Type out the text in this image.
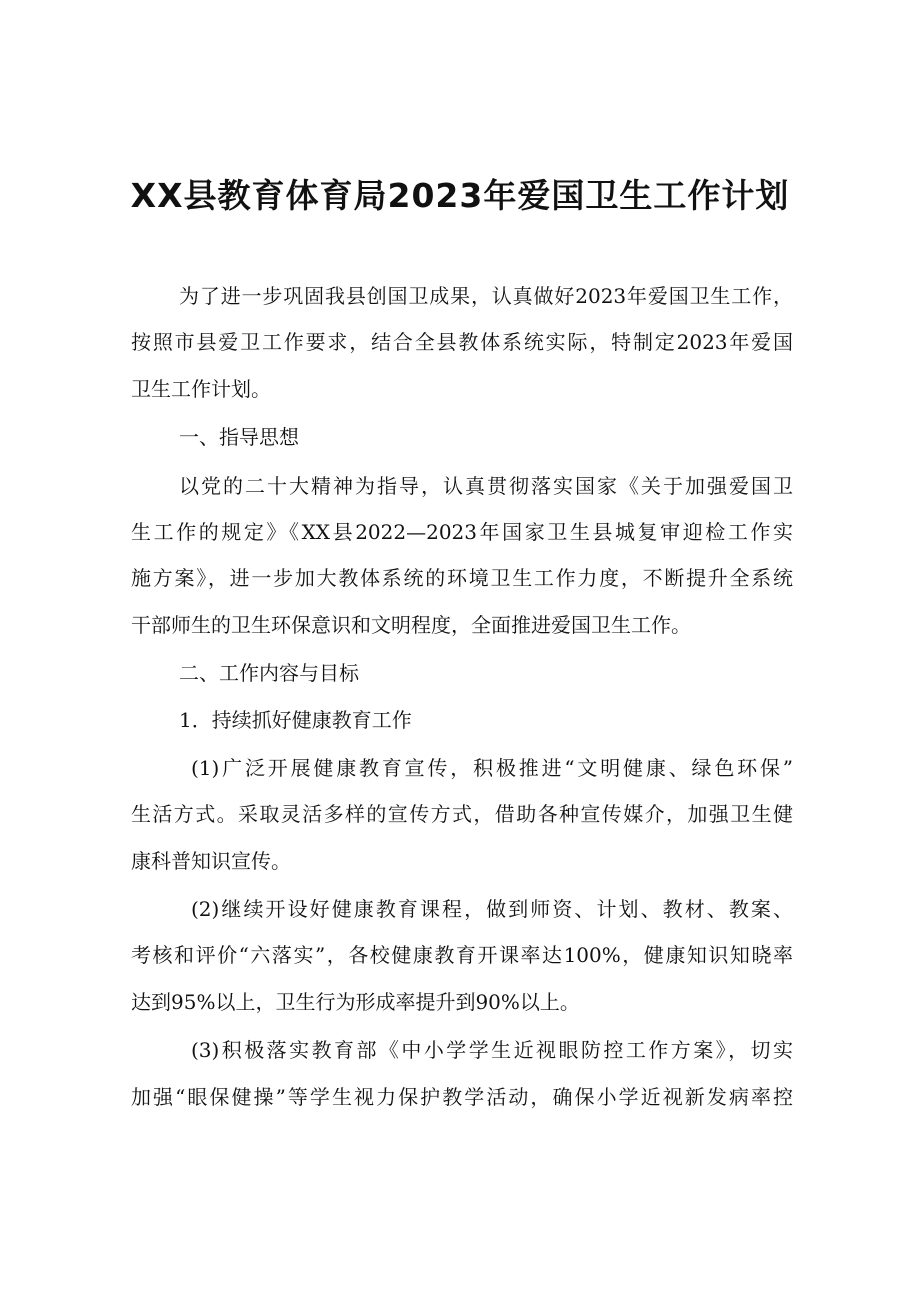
XX县教育体育局2023年爱国卫生工作计划
为了进一步巩固我县创国卫成果，认真做好2023年爱国卫生工作，
按照市县爱卫工作要求，结合全县教体系统实际，特制定2023年爱国
卫生工作计划。
一、指导思想
以党的二十大精神为指导，认真贯彻落实国家《关于加强爱国卫
生工作的规定》《XX县2022—2023年国家卫生县城复审迎检工作实
施方案》，进一步加大教体系统的环境卫生工作力度，不断提升全系统
干部师生的卫生环保意识和文明程度，全面推进爱国卫生工作。
二、工作内容与目标
1．持续抓好健康教育工作
(1)广泛开展健康教育宣传，积极推进“文明健康、绿色环保”
生活方式。采取灵活多样的宣传方式，借助各种宣传媒介，加强卫生健
康科普知识宣传。
(2)继续开设好健康教育课程，做到师资、计划、教材、教案、
考核和评价“六落实”，各校健康教育开课率达100%，健康知识知晓率
达到95%以上，卫生行为形成率提升到90%以上。
(3)积极落实教育部《中小学学生近视眼防控工作方案》，切实
加强“眼保健操”等学生视力保护教学活动，确保小学近视新发病率控
